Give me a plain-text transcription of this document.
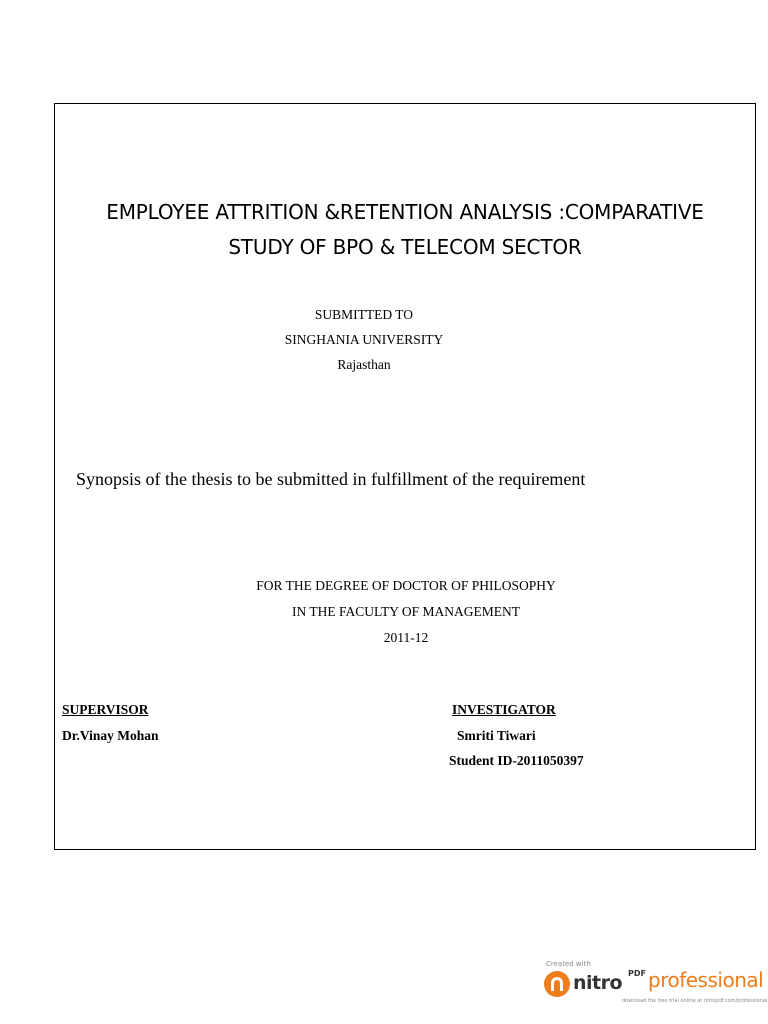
EMPLOYEE ATTRITION &RETENTION ANALYSIS :COMPARATIVE
STUDY OF BPO & TELECOM SECTOR
SUBMITTED TO
SINGHANIA UNIVERSITY
Rajasthan
Synopsis of the thesis to be submitted in fulfillment of the requirement
FOR THE DEGREE OF DOCTOR OF PHILOSOPHY
IN THE FACULTY OF MANAGEMENT
2011-12
SUPERVISOR
Dr.Vinay Mohan
INVESTIGATOR
Smriti Tiwari
Student ID-2011050397
Created with
nitro PDF professional
download the free trial online at nitropdf.com/professional
